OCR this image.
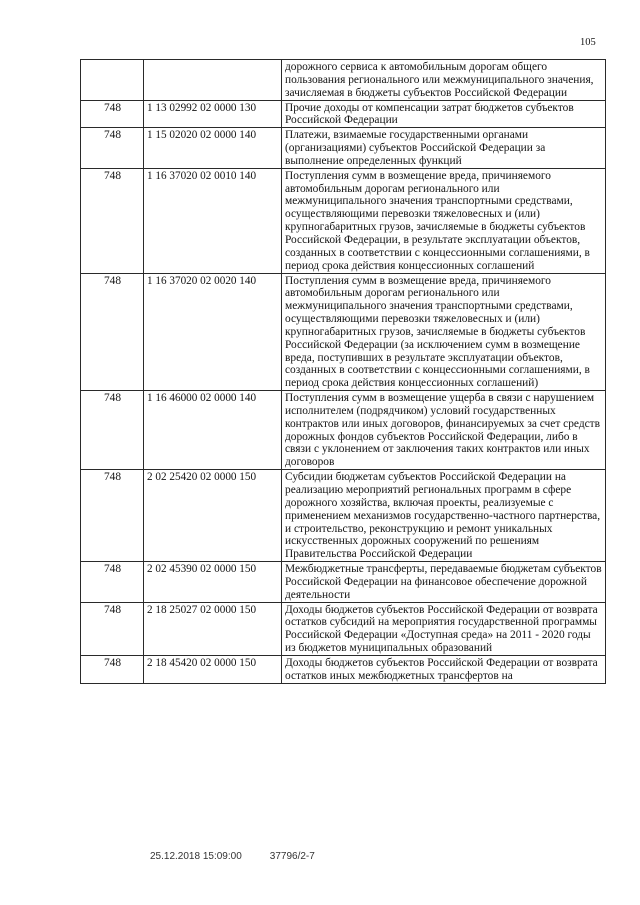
105
		дорожного сервиса к автомобильным дорогам общего пользования регионального или межмуниципального значения, зачисляемая в бюджеты субъектов Российской Федерации
748	1 13 02992 02 0000 130	Прочие доходы от компенсации затрат бюджетов субъектов Российской Федерации
748	1 15 02020 02 0000 140	Платежи, взимаемые государственными органами (организациями) субъектов Российской Федерации за выполнение определенных функций
748	1 16 37020 02 0010 140	Поступления сумм в возмещение вреда, причиняемого автомобильным дорогам регионального или межмуниципального значения транспортными средствами, осуществляющими перевозки тяжеловесных и (или) крупногабаритных грузов, зачисляемые в бюджеты субъектов Российской Федерации, в результате эксплуатации объектов, созданных в соответствии с концессионными соглашениями, в период срока действия концессионных соглашений
748	1 16 37020 02 0020 140	Поступления сумм в возмещение вреда, причиняемого автомобильным дорогам регионального или межмуниципального значения транспортными средствами, осуществляющими перевозки тяжеловесных и (или) крупногабаритных грузов, зачисляемые в бюджеты субъектов Российской Федерации (за исключением сумм в возмещение вреда, поступивших в результате эксплуатации объектов, созданных в соответствии с концессионными соглашениями, в период срока действия концессионных соглашений)
748	1 16 46000 02 0000 140	Поступления сумм в возмещение ущерба в связи с нарушением исполнителем (подрядчиком) условий государственных контрактов или иных договоров, финансируемых за счет средств дорожных фондов субъектов Российской Федерации, либо в связи с уклонением от заключения таких контрактов или иных договоров
748	2 02 25420 02 0000 150	Субсидии бюджетам субъектов Российской Федерации на реализацию мероприятий региональных программ в сфере дорожного хозяйства, включая проекты, реализуемые с применением механизмов государственно-частного партнерства, и строительство, реконструкцию и ремонт уникальных искусственных дорожных сооружений по решениям Правительства Российской Федерации
748	2 02 45390 02 0000 150	Межбюджетные трансферты, передаваемые бюджетам субъектов Российской Федерации на финансовое обеспечение дорожной деятельности
748	2 18 25027 02 0000 150	Доходы бюджетов субъектов Российской Федерации от возврата остатков субсидий на мероприятия государственной программы Российской Федерации «Доступная среда» на 2011 - 2020 годы из бюджетов муниципальных образований
748	2 18 45420 02 0000 150	Доходы бюджетов субъектов Российской Федерации от возврата остатков иных межбюджетных трансфертов на
25.12.2018 15:09:00	37796/2-7
